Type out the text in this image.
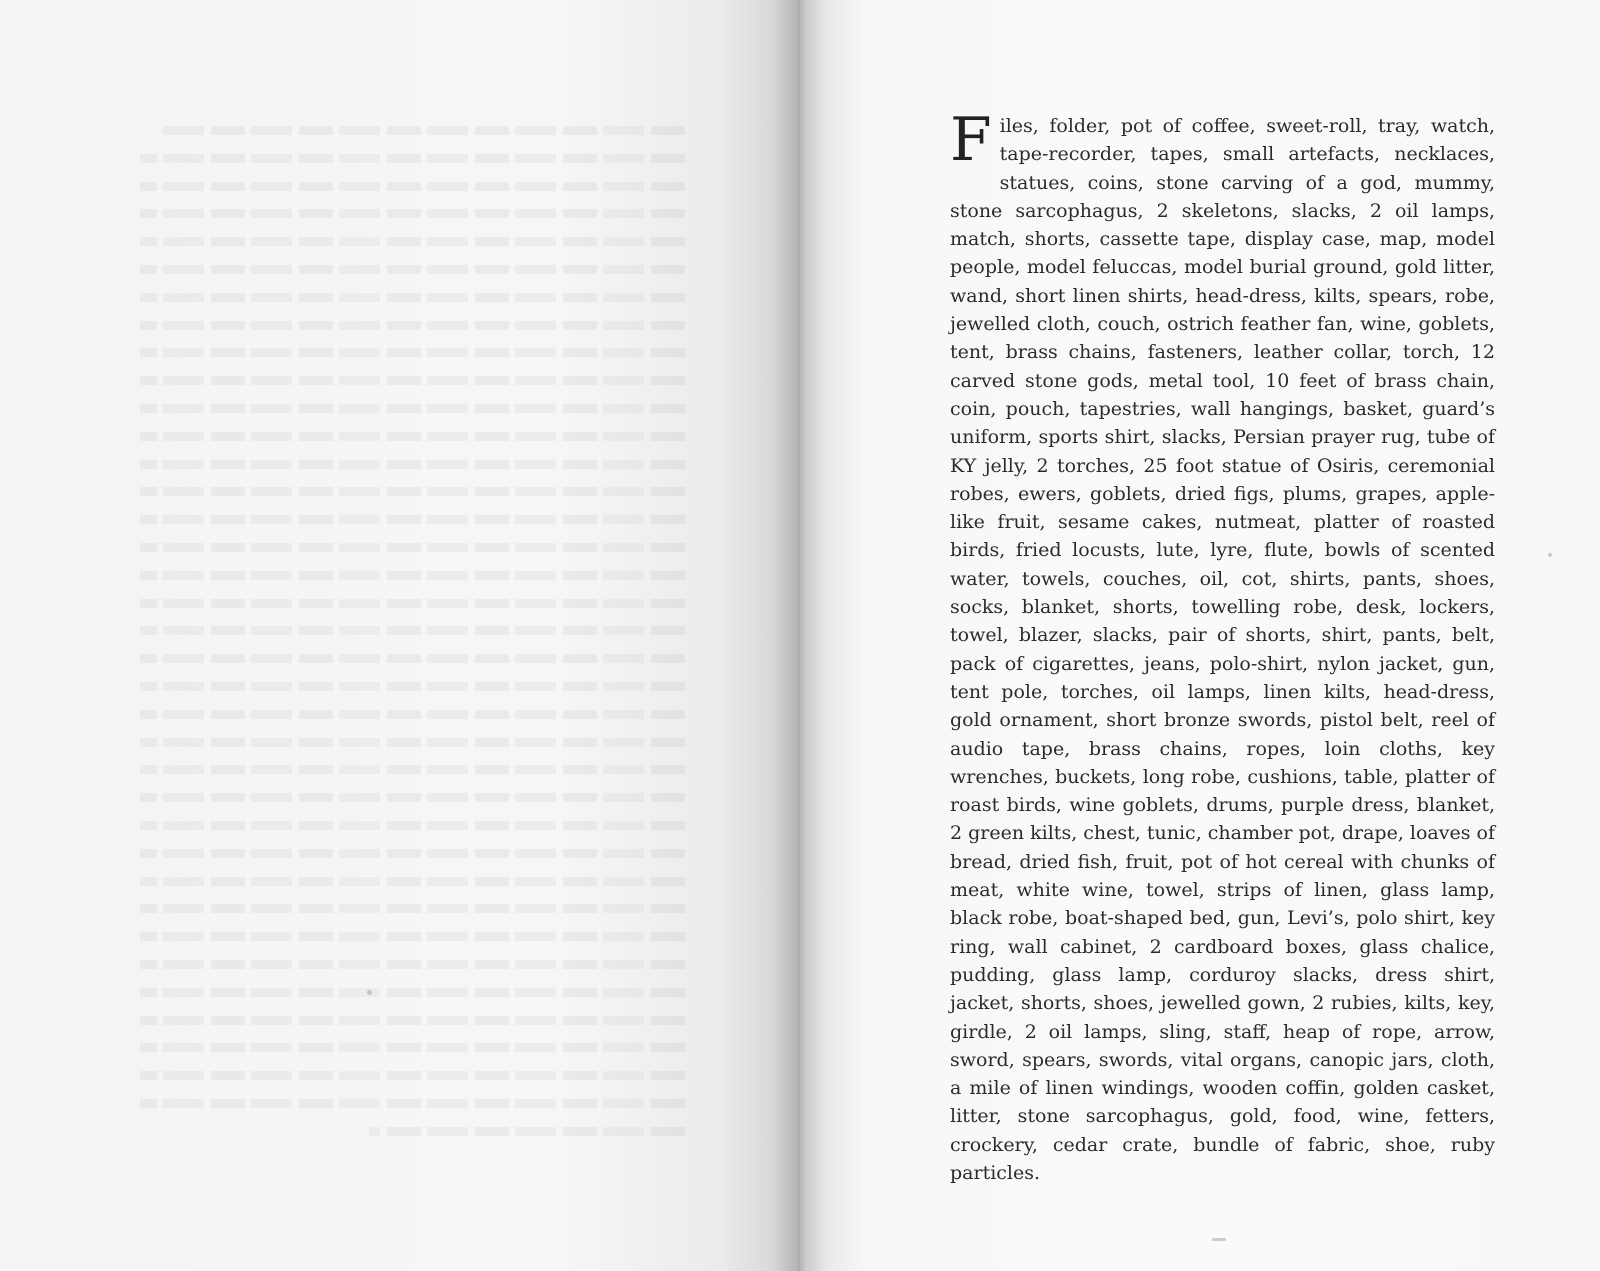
Files, folder, pot of coffee, sweet-roll, tray, watch, tape-recorder, tapes, small artefacts, necklaces, statues, coins, stone carving of a god, mummy, stone sarcophagus, 2 skeletons, slacks, 2 oil lamps, match, shorts, cassette tape, display case, map, model people, model feluccas, model burial ground, gold litter, wand, short linen shirts, head-dress, kilts, spears, robe, jewelled cloth, couch, ostrich feather fan, wine, goblets, tent, brass chains, fasteners, leather collar, torch, 12 carved stone gods, metal tool, 10 feet of brass chain, coin, pouch, tapestries, wall hangings, basket, guard’s uniform, sports shirt, slacks, Persian prayer rug, tube of KY jelly, 2 torches, 25 foot statue of Osiris, ceremonial robes, ewers, goblets, dried figs, plums, grapes, apple-like fruit, sesame cakes, nutmeat, platter of roasted birds, fried locusts, lute, lyre, flute, bowls of scented water, towels, couches, oil, cot, shirts, pants, shoes, socks, blanket, shorts, towelling robe, desk, lockers, towel, blazer, slacks, pair of shorts, shirt, pants, belt, pack of cigarettes, jeans, polo-shirt, nylon jacket, gun, tent pole, torches, oil lamps, linen kilts, head-dress, gold ornament, short bronze swords, pistol belt, reel of audio tape, brass chains, ropes, loin cloths, key wrenches, buckets, long robe, cushions, table, platter of roast birds, wine goblets, drums, purple dress, blanket, 2 green kilts, chest, tunic, chamber pot, drape, loaves of bread, dried fish, fruit, pot of hot cereal with chunks of meat, white wine, towel, strips of linen, glass lamp, black robe, boat-shaped bed, gun, Levi’s, polo shirt, key ring, wall cabinet, 2 cardboard boxes, glass chalice, pudding, glass lamp, corduroy slacks, dress shirt, jacket, shorts, shoes, jewelled gown, 2 rubies, kilts, key, girdle, 2 oil lamps, sling, staff, heap of rope, arrow, sword, spears, swords, vital organs, canopic jars, cloth, a mile of linen windings, wooden coffin, golden casket, litter, stone sarcophagus, gold, food, wine, fetters, crockery, cedar crate, bundle of fabric, shoe, ruby particles.
